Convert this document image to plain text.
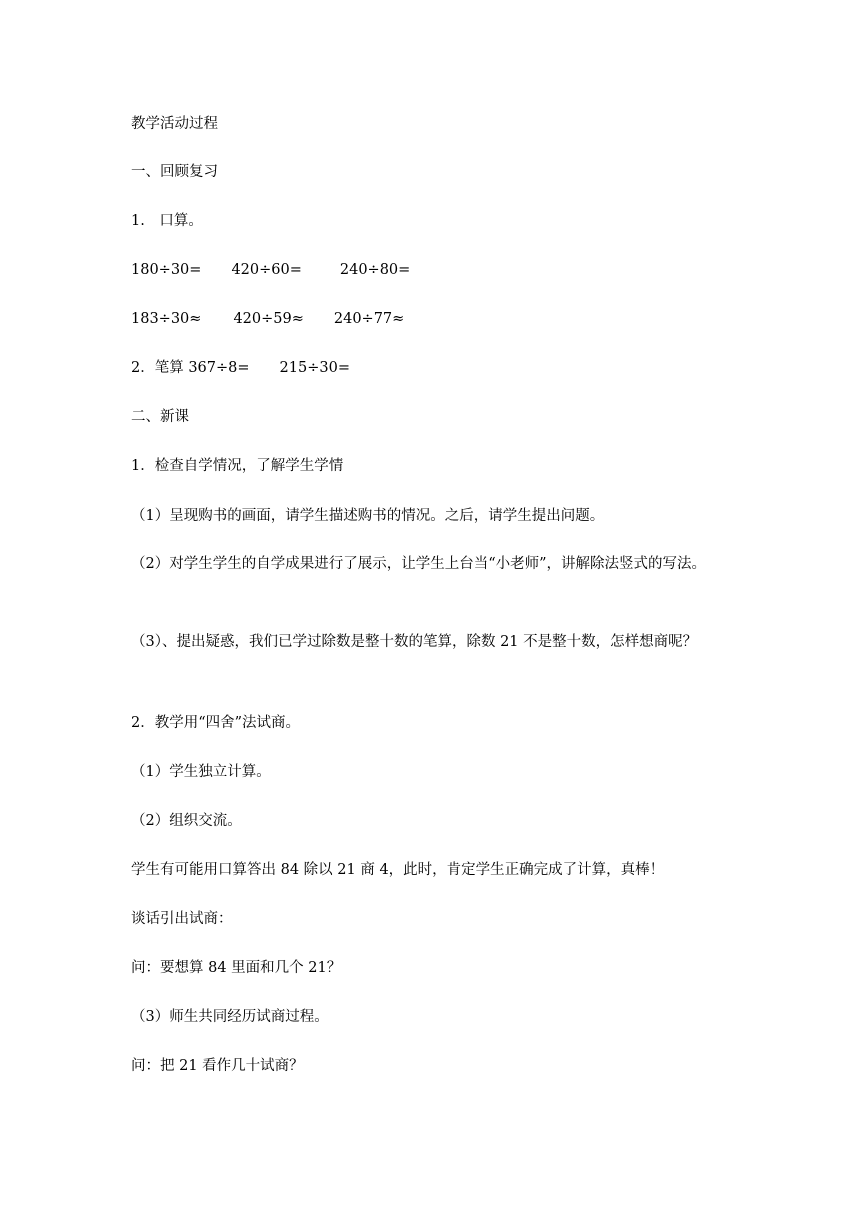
教学活动过程
一、回顾复习
1.　口算。
180÷30= 420÷60=	240÷80=
183÷30≈ 420÷59≈ 240÷77≈
2．笔算 367÷8= 215÷30=
二、新课
1．检查自学情况，了解学生学情
（1）呈现购书的画面，请学生描述购书的情况。之后，请学生提出问题。
（2）对学生学生的自学成果进行了展示，让学生上台当“小老师”，讲解除法竖式的写法。
（3）、提出疑惑，我们已学过除数是整十数的笔算，除数 21 不是整十数，怎样想商呢？
2．教学用“四舍”法试商。
（1）学生独立计算。
（2）组织交流。
学生有可能用口算答出 84 除以 21 商 4，此时，肯定学生正确完成了计算，真棒！
谈话引出试商：
问：要想算 84 里面和几个 21？
（3）师生共同经历试商过程。
问：把 21 看作几十试商？
